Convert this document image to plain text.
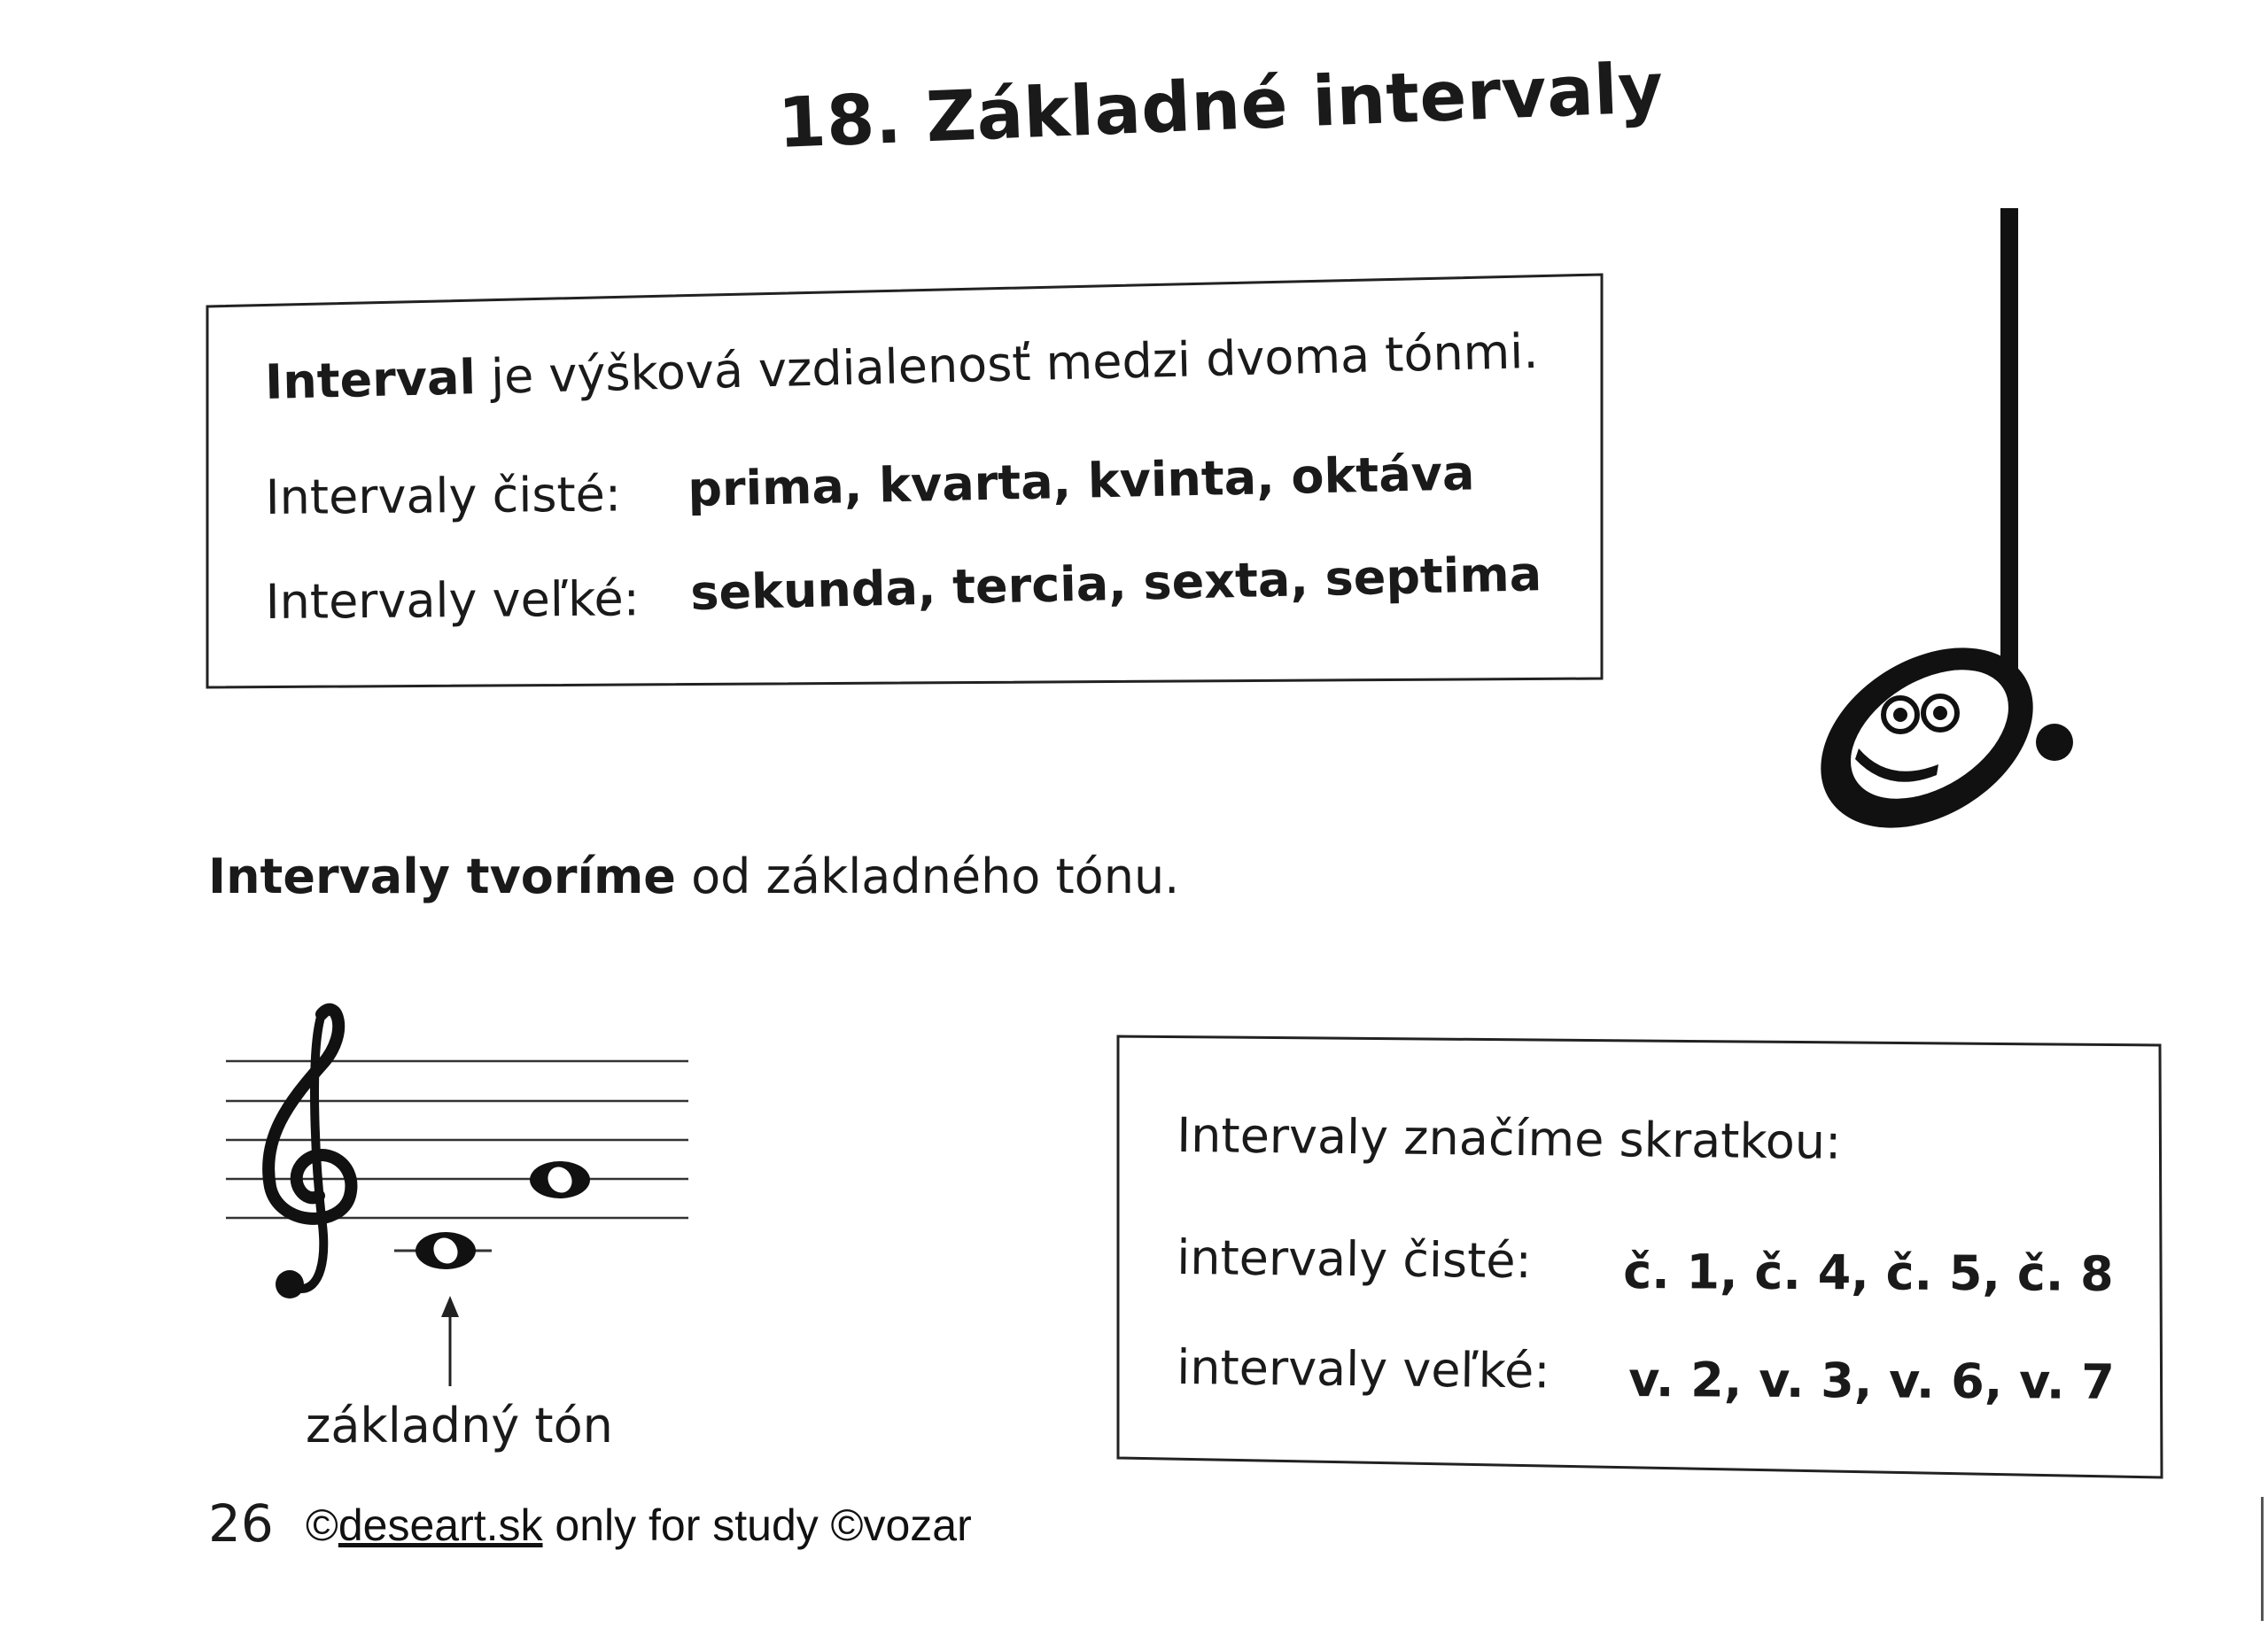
18. Základné intervaly
Interval je výšková vzdialenosť medzi dvoma tónmi.
Intervaly čisté: prima, kvarta, kvinta, oktáva
Intervaly veľké: sekunda, tercia, sexta, septima
Intervaly tvoríme od základného tónu.
základný tón
Intervaly značíme skratkou:
intervaly čisté: č. 1, č. 4, č. 5, č. 8
intervaly veľké: v. 2, v. 3, v. 6, v. 7
26 ©deseart.sk only for study ©vozar
